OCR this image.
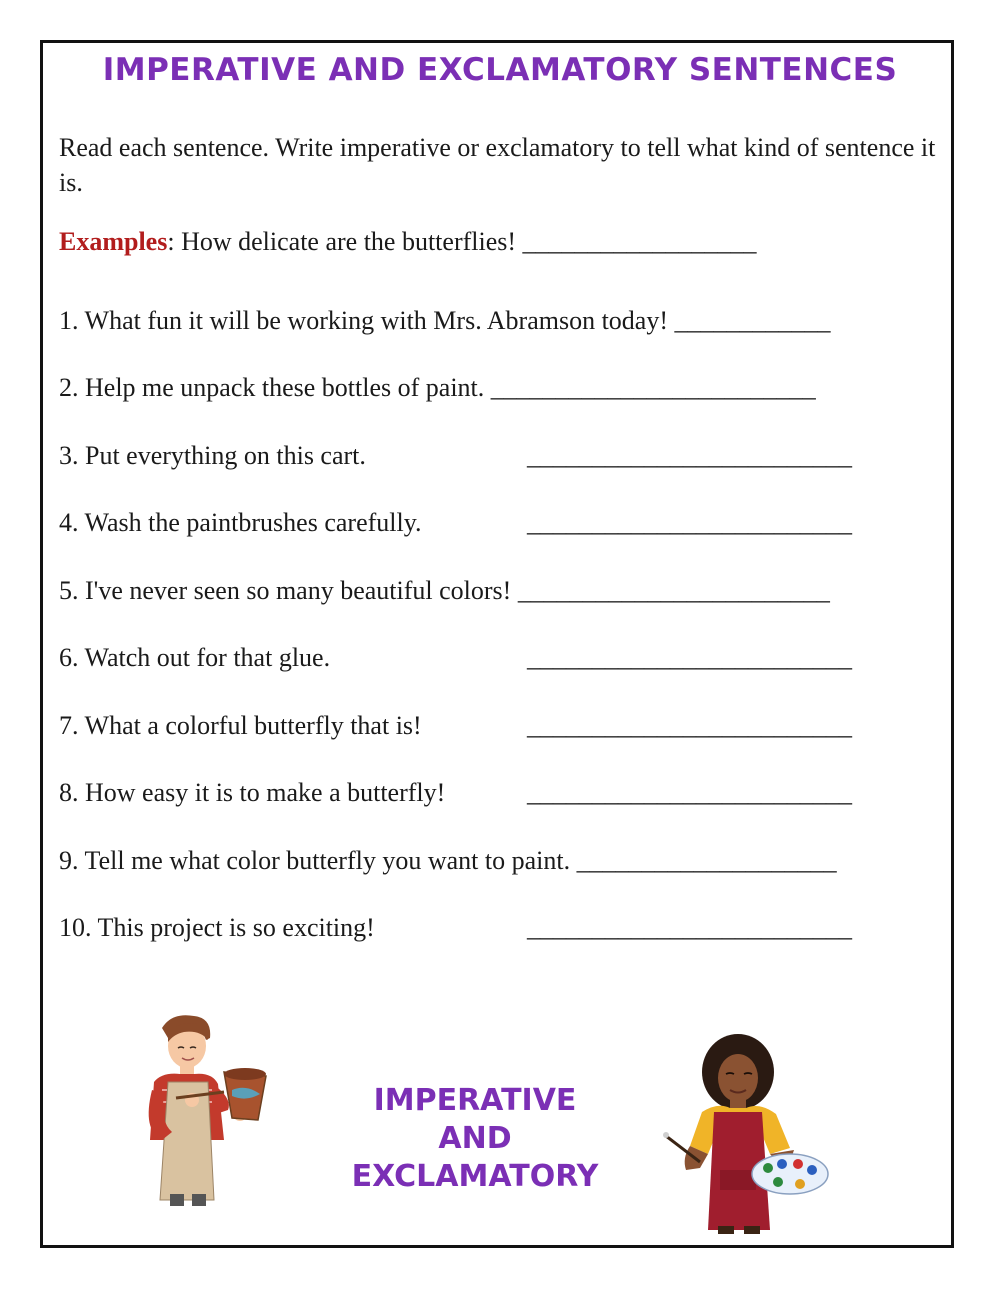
IMPERATIVE AND EXCLAMATORY SENTENCES
Read each sentence. Write imperative or exclamatory to tell what kind of sentence it is.
Examples: How delicate are the butterflies! __________________
1. What fun it will be working with Mrs. Abramson today! ____________
2. Help me unpack these bottles of paint. _________________________
3. Put everything on this cart.	_________________________
4. Wash the paintbrushes carefully.	_________________________
5. I've never seen so many beautiful colors! ________________________
6. Watch out for that glue.	_________________________
7. What a colorful butterfly that is!	_________________________
8. How easy it is to make a butterfly!	_________________________
9. Tell me what color butterfly you want to paint. ____________________
10. This project is so exciting!	_________________________
IMPERATIVE
AND
EXCLAMATORY
